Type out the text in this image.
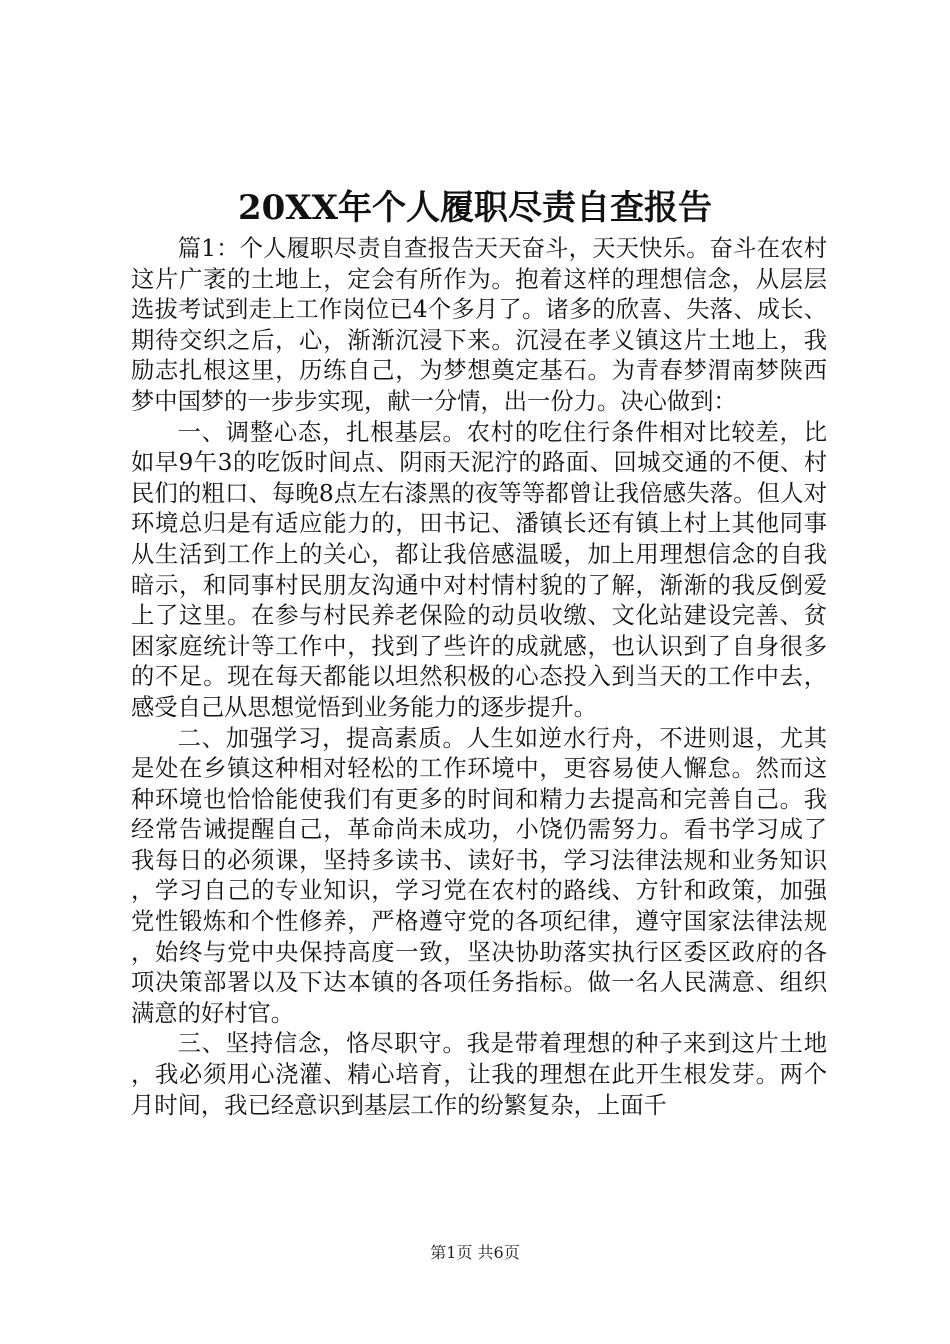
20XX年个人履职尽责自查报告

篇1：个人履职尽责自查报告天天奋斗，天天快乐。奋斗在农村这片广袤的土地上，定会有所作为。抱着这样的理想信念，从层层选拔考试到走上工作岗位已4个多月了。诸多的欣喜、失落、成长、期待交织之后，心，渐渐沉浸下来。沉浸在孝义镇这片土地上，我励志扎根这里，历练自己，为梦想奠定基石。为青春梦渭南梦陕西梦中国梦的一步步实现，献一分情，出一份力。决心做到：

一、调整心态，扎根基层。农村的吃住行条件相对比较差，比如早9午3的吃饭时间点、阴雨天泥泞的路面、回城交通的不便、村民们的粗口、每晚8点左右漆黑的夜等等都曾让我倍感失落。但人对环境总归是有适应能力的，田书记、潘镇长还有镇上村上其他同事从生活到工作上的关心，都让我倍感温暖，加上用理想信念的自我暗示，和同事村民朋友沟通中对村情村貌的了解，渐渐的我反倒爱上了这里。在参与村民养老保险的动员收缴、文化站建设完善、贫困家庭统计等工作中，找到了些许的成就感，也认识到了自身很多的不足。现在每天都能以坦然积极的心态投入到当天的工作中去，感受自己从思想觉悟到业务能力的逐步提升。

二、加强学习，提高素质。人生如逆水行舟，不进则退，尤其是处在乡镇这种相对轻松的工作环境中，更容易使人懈怠。然而这种环境也恰恰能使我们有更多的时间和精力去提高和完善自己。我经常告诫提醒自己，革命尚未成功，小饶仍需努力。看书学习成了我每日的必须课，坚持多读书、读好书，学习法律法规和业务知识，学习自己的专业知识，学习党在农村的路线、方针和政策，加强党性锻炼和个性修养，严格遵守党的各项纪律，遵守国家法律法规，始终与党中央保持高度一致，坚决协助落实执行区委区政府的各项决策部署以及下达本镇的各项任务指标。做一名人民满意、组织满意的好村官。

三、坚持信念，恪尽职守。我是带着理想的种子来到这片土地，我必须用心浇灌、精心培育，让我的理想在此开生根发芽。两个月时间，我已经意识到基层工作的纷繁复杂，上面千

第1页 共6页
